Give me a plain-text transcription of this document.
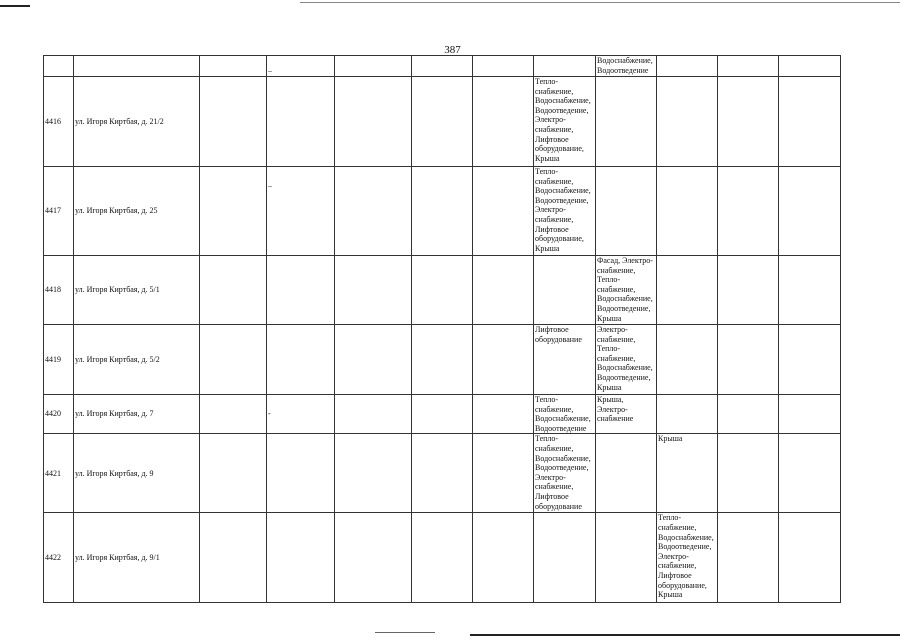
387
			–					Водоснабжение, Водоотведение			
4416	ул. Игоря Киртбая, д. 21/2						Тепло-снабжение, Водоснабжение, Водоотведение, Электро-снабжение, Лифтовое оборудование, Крыша				
4417	ул. Игоря Киртбая, д. 25		–				Тепло-снабжение, Водоснабжение, Водоотведение, Электро-снабжение, Лифтовое оборудование, Крыша				
4418	ул. Игоря Киртбая, д. 5/1							Фасад, Электро-снабжение, Тепло-снабжение, Водоснабжение, Водоотведение, Крыша			
4419	ул. Игоря Киртбая, д. 5/2						Лифтовое оборудование	Электро-снабжение, Тепло-снабжение, Водоснабжение, Водоотведение, Крыша			
4420	ул. Игоря Киртбая, д. 7		-				Тепло-снабжение, Водоснабжение, Водоотведение	Крыша, Электро-снабжение			
4421	ул. Игоря Киртбая, д. 9						Тепло-снабжение, Водоснабжение, Водоотведение, Электро-снабжение, Лифтовое оборудование		Крыша		
4422	ул. Игоря Киртбая, д. 9/1								Тепло-снабжение, Водоснабжение, Водоотведение, Электро-снабжение, Лифтовое оборудование, Крыша		
